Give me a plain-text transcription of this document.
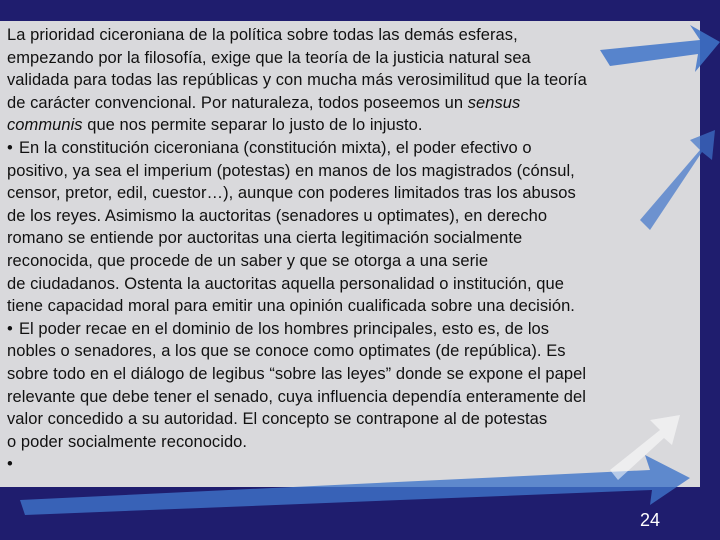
La prioridad ciceroniana de la política sobre todas las demás esferas,
empezando por la filosofía, exige que la teoría de la justicia natural sea
validada para todas las repúblicas y con mucha más verosimilitud que la teoría
de carácter convencional. Por naturaleza, todos poseemos un sensus
communis que nos permite separar lo justo de lo injusto.
• En la constitución ciceroniana (constitución mixta), el poder efectivo o
positivo, ya sea el imperium (potestas) en manos de los magistrados (cónsul,
censor, pretor, edil, cuestor…), aunque con poderes limitados tras los abusos
de los reyes. Asimismo la auctoritas (senadores u optimates), en derecho
romano se entiende por auctoritas una cierta legitimación socialmente
reconocida, que procede de un saber y que se otorga a una serie
de ciudadanos. Ostenta la auctoritas aquella personalidad o institución, que
tiene capacidad moral para emitir una opinión cualificada sobre una decisión.
• El poder recae en el dominio de los hombres principales, esto es, de los
nobles o senadores, a los que se conoce como optimates (de república). Es
sobre todo en el diálogo de legibus “sobre las leyes” donde se expone el papel
relevante que debe tener el senado, cuya influencia dependía enteramente del
valor concedido a su autoridad. El concepto se contrapone al de potestas
o poder socialmente reconocido.
•
24
